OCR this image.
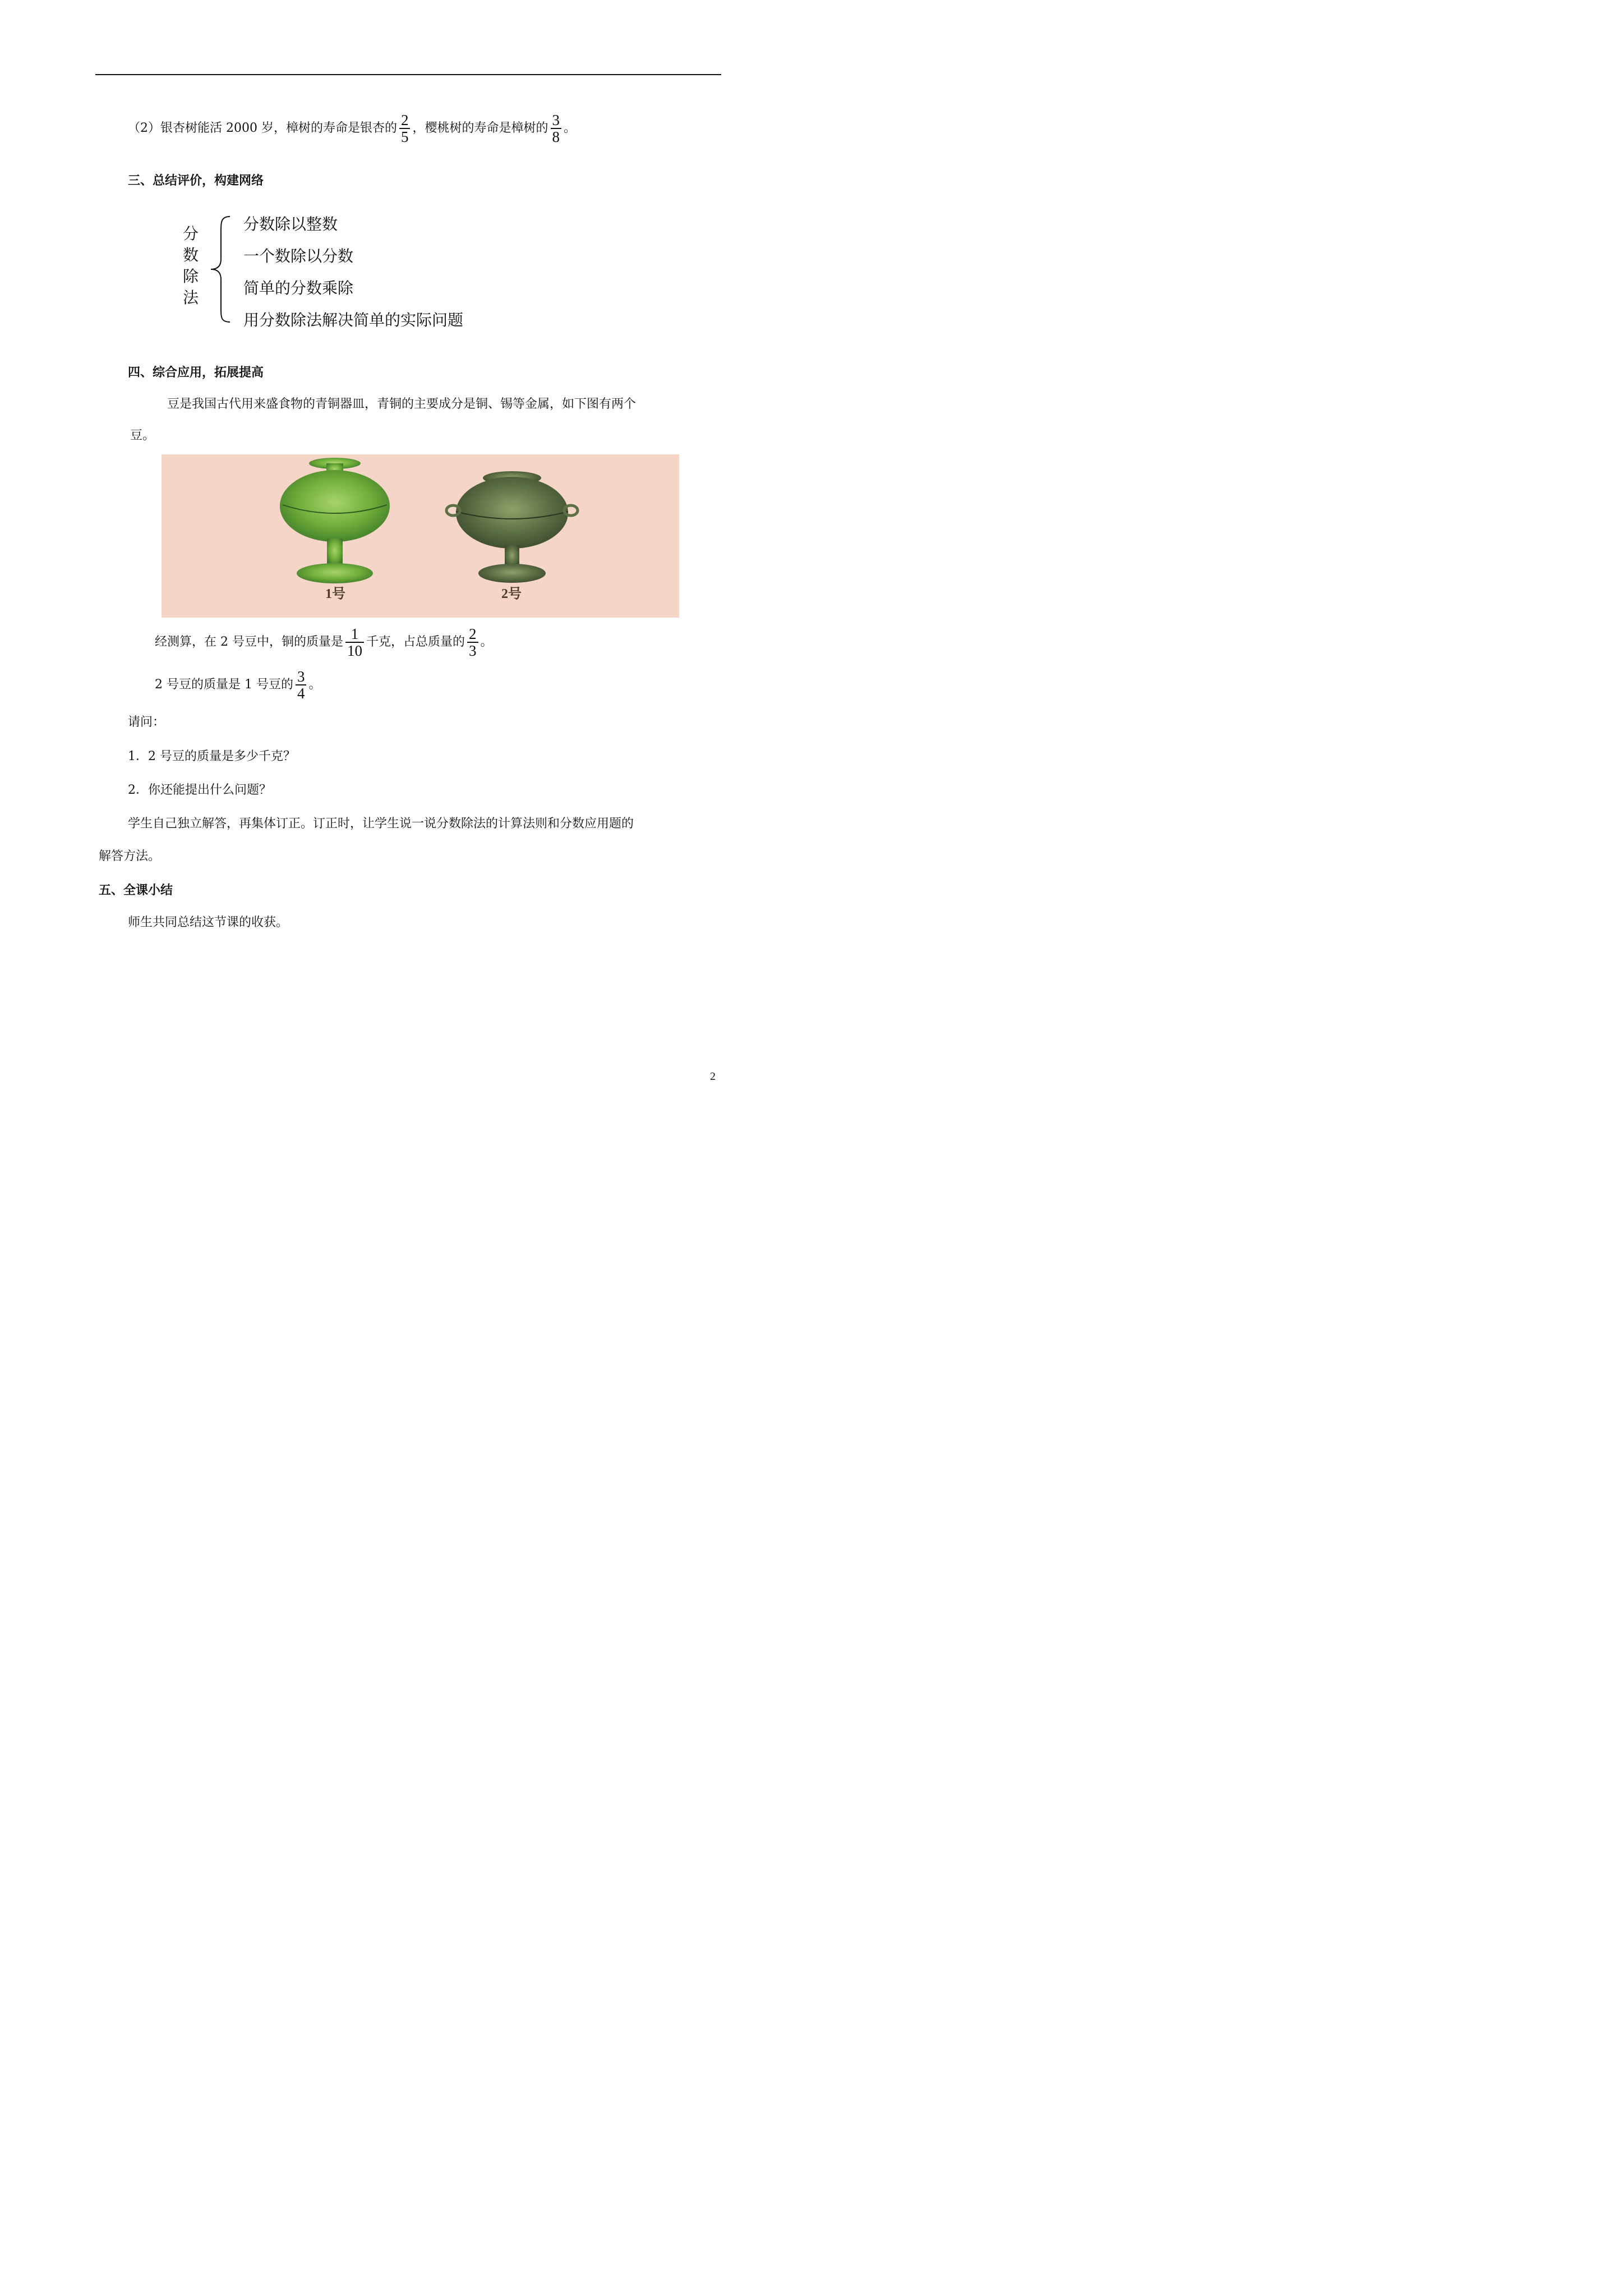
（2）银杏树能活 2000 岁，樟树的寿命是银杏的 $\frac{2}{5}$ ，樱桃树的寿命是樟树的 $\frac{3}{8}$ 。
三、总结评价，构建网络
分
数
除
法
分数除以整数
一个数除以分数
简单的分数乘除
用分数除法解决简单的实际问题
四、综合应用，拓展提高
豆是我国古代用来盛食物的青铜器皿，青铜的主要成分是铜、锡等金属，如下图有两个
豆。
1号	2号
经测算，在 2 号豆中，铜的质量是 $\frac{1}{10}$ 千克，占总质量的 $\frac{2}{3}$ 。
2 号豆的质量是 1 号豆的 $\frac{3}{4}$ 。
请问：
1．2 号豆的质量是多少千克？
2．你还能提出什么问题？
学生自己独立解答，再集体订正。订正时，让学生说一说分数除法的计算法则和分数应用题的
解答方法。
五、全课小结
师生共同总结这节课的收获。
2
